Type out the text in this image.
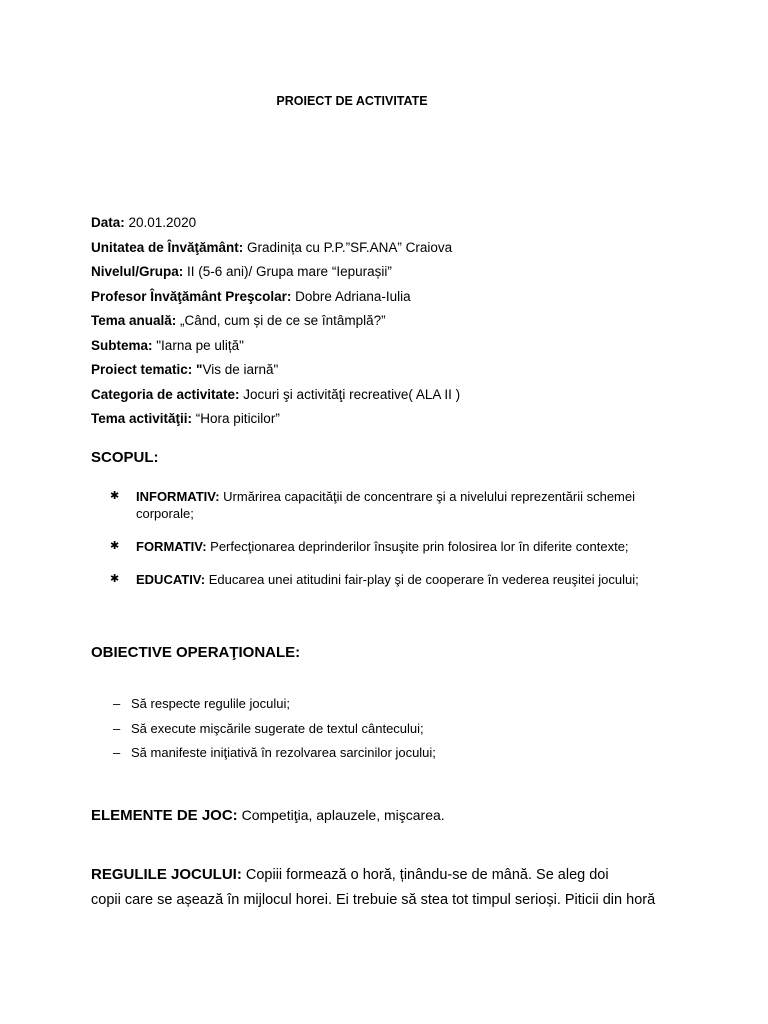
PROIECT DE ACTIVITATE
Data: 20.01.2020
Unitatea de Învăţământ: Gradinița cu P.P.”SF.ANA” Craiova
Nivelul/Grupa: II (5-6 ani)/ Grupa mare “Iepurașii”
Profesor Învăţământ Preşcolar: Dobre Adriana-Iulia
Tema anuală: „Când, cum și de ce se întâmplă?”
Subtema: "Iarna pe uliță"
Proiect tematic: "Vis de iarnă"
Categoria de activitate: Jocuri şi activităţi recreative( ALA II )
Tema activităţii: “Hora piticilor”
SCOPUL:
✱ INFORMATIV: Urmărirea capacităţii de concentrare şi a nivelului reprezentării schemei corporale;
✱ FORMATIV: Perfecţionarea deprinderilor însuşite prin folosirea lor în diferite contexte;
✱ EDUCATIV: Educarea unei atitudini fair-play şi de cooperare în vederea reuşitei jocului;
OBIECTIVE OPERAŢIONALE:
– Să respecte regulile jocului;
– Să execute mişcările sugerate de textul cântecului;
– Să manifeste iniţiativă în rezolvarea sarcinilor jocului;
ELEMENTE DE JOC: Competiţia, aplauzele, mişcarea.
REGULILE JOCULUI: Copiii formează o horă, ținându-se de mână. Se aleg doi
copii care se așează în mijlocul horei. Ei trebuie să stea tot timpul serioși. Piticii din horă
